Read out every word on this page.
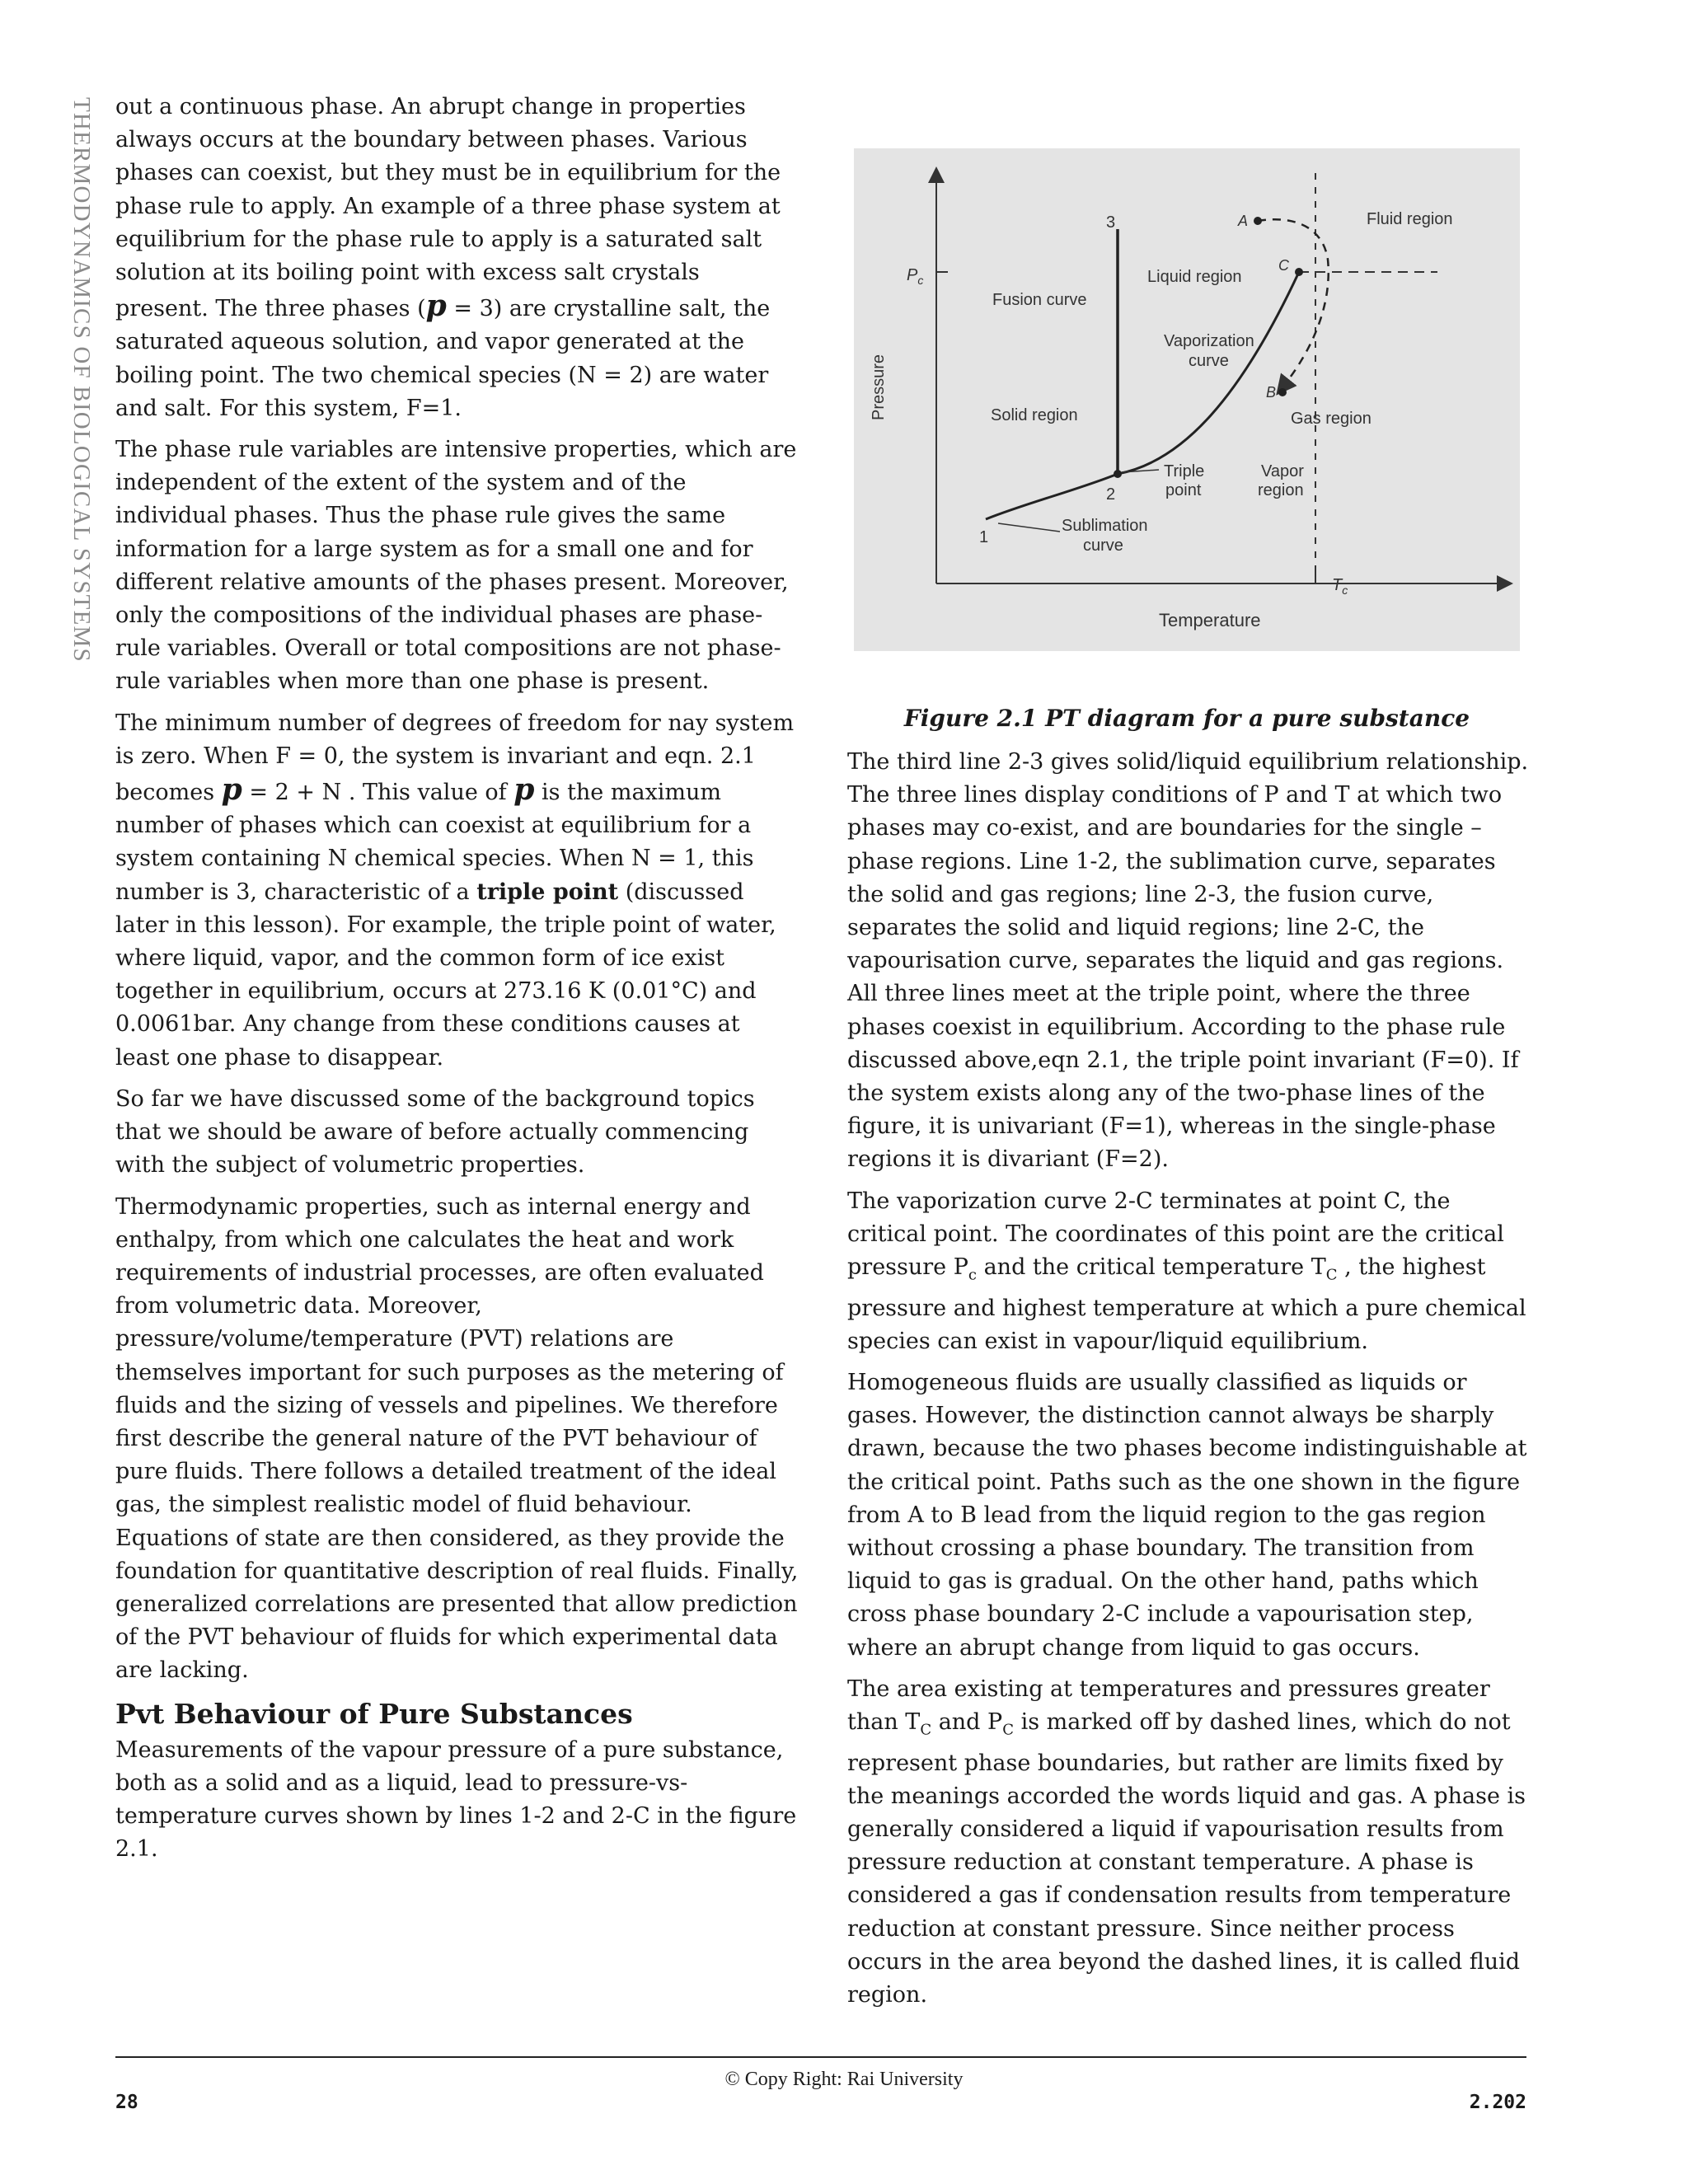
THERMODYNAMICS OF BIOLOGICAL SYSTEMS out a continuous phase. An abrupt change in properties always occurs at the boundary between phases. Various phases can coexist, but they must be in equilibrium for the phase rule to apply. An example of a three phase system at equilibrium for the phase rule to apply is a saturated salt solution at its boiling point with excess salt crystals present. The three phases (p = 3) are crystalline salt, the saturated aqueous solution, and vapor generated at the boiling point. The two chemical species (N = 2) are water and salt. For this system, F=1.

The phase rule variables are intensive properties, which are independent of the extent of the system and of the individual phases. Thus the phase rule gives the same information for a large system as for a small one and for different relative amounts of the phases present. Moreover, only the compositions of the individual phases are phase-rule variables. Overall or total compositions are not phase-rule variables when more than one phase is present.

The minimum number of degrees of freedom for nay system is zero. When F = 0, the system is invariant and eqn. 2.1 becomes p = 2 + N . This value of p is the maximum number of phases which can coexist at equilibrium for a system containing N chemical species. When N = 1, this number is 3, characteristic of a triple point (discussed later in this lesson). For example, the triple point of water, where liquid, vapor, and the common form of ice exist together in equilibrium, occurs at 273.16 K (0.01°C) and 0.0061bar. Any change from these conditions causes at least one phase to disappear.

So far we have discussed some of the background topics that we should be aware of before actually commencing with the subject of volumetric properties.

Thermodynamic properties, such as internal energy and enthalpy, from which one calculates the heat and work requirements of industrial processes, are often evaluated from volumetric data. Moreover, pressure/volume/temperature (PVT) relations are themselves important for such purposes as the metering of fluids and the sizing of vessels and pipelines. We therefore first describe the general nature of the PVT behaviour of pure fluids. There follows a detailed treatment of the ideal gas, the simplest realistic model of fluid behaviour. Equations of state are then considered, as they provide the foundation for quantitative description of real fluids. Finally, generalized correlations are presented that allow prediction of the PVT behaviour of fluids for which experimental data are lacking.

Pvt Behaviour of Pure Substances

Measurements of the vapour pressure of a pure substance, both as a solid and as a liquid, lead to pressure-vs-temperature curves shown by lines 1-2 and 2-C in the figure 2.1.

Pressure
Temperature
$P_c$
$T_c$
3
2
1
A
B
C
Fluid region
Liquid region
Fusion curve
Vaporization
curve
Solid region	Gas region
Triple
point
Vapor
region
Sublimation
curve
Figure 2.1 PT diagram for a pure substance

The third line 2-3 gives solid/liquid equilibrium relationship. The three lines display conditions of P and T at which two phases may co-exist, and are boundaries for the single –phase regions. Line 1-2, the sublimation curve, separates the solid and gas regions; line 2-3, the fusion curve, separates the solid and liquid regions; line 2-C, the vapourisation curve, separates the liquid and gas regions. All three lines meet at the triple point, where the three phases coexist in equilibrium. According to the phase rule discussed above,eqn 2.1, the triple point invariant (F=0). If the system exists along any of the two-phase lines of the figure, it is univariant (F=1), whereas in the single-phase regions it is divariant (F=2).

The vaporization curve 2-C terminates at point C, the critical point. The coordinates of this point are the critical pressure $P_c$ and the critical temperature $T_C$ , the highest pressure and highest temperature at which a pure chemical species can exist in vapour/liquid equilibrium.

Homogeneous fluids are usually classified as liquids or gases. However, the distinction cannot always be sharply drawn, because the two phases become indistinguishable at the critical point. Paths such as the one shown in the figure from A to B lead from the liquid region to the gas region without crossing a phase boundary. The transition from liquid to gas is gradual. On the other hand, paths which cross phase boundary 2-C include a vapourisation step, where an abrupt change from liquid to gas occurs.

The area existing at temperatures and pressures greater than $T_C$ and $P_C$ is marked off by dashed lines, which do not represent phase boundaries, but rather are limits fixed by the meanings accorded the words liquid and gas. A phase is generally considered a liquid if vapourisation results from pressure reduction at constant temperature. A phase is considered a gas if condensation results from temperature reduction at constant pressure. Since neither process occurs in the area beyond the dashed lines, it is called fluid region.

© Copy Right: Rai University
28	2.202
